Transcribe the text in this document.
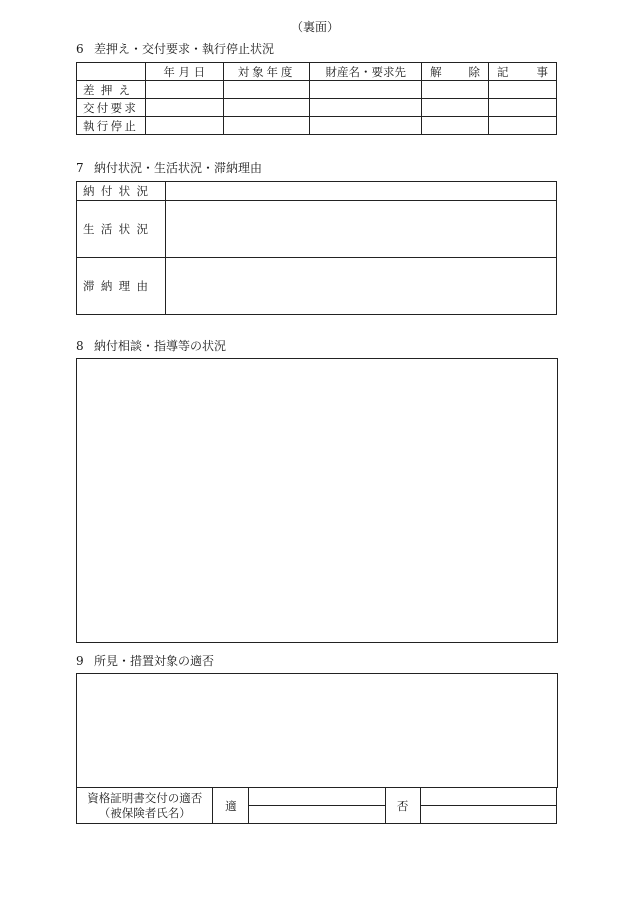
（裏面）
6 差押え・交付要求・執行停止状況
	年 月 日	対象年度	財産名・要求先	解 除	記 事

差押え					
交付要求					
執行停止					
7 納付状況・生活状況・滞納理由
納付状況	
生活状況	
滞納理由	
8 納付相談・指導等の状況
9 所見・措置対象の適否
資格証明書交付の適否
（被保険者氏名）	適		否	
